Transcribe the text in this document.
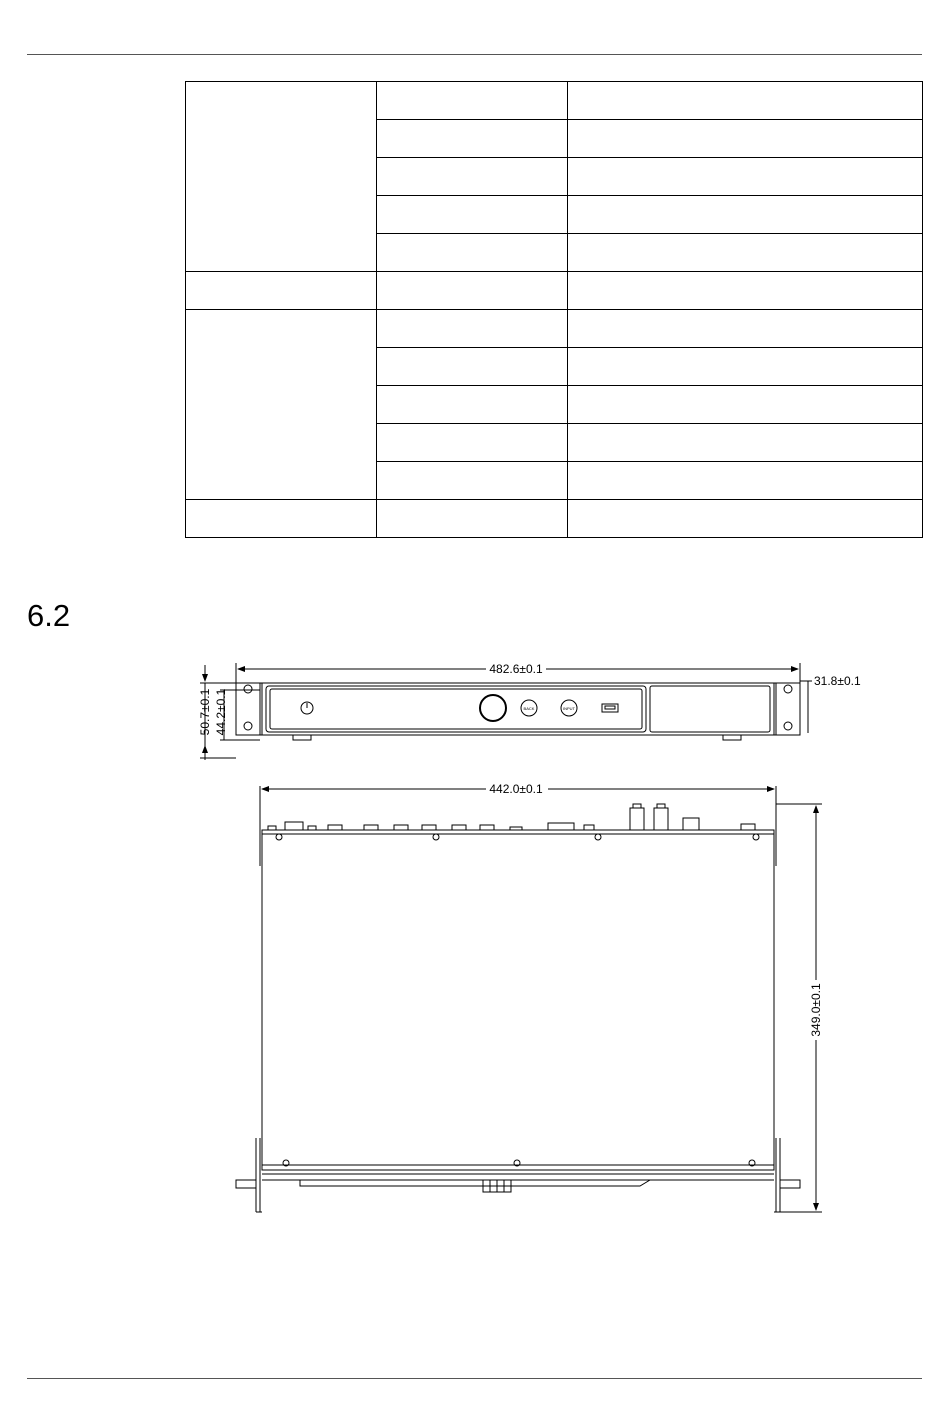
6.2
482.6±0.1
31.8±0.1
50.7±0.1 44.2±0.1	BACK	INPUT
442.0±0.1
349.0±0.1
